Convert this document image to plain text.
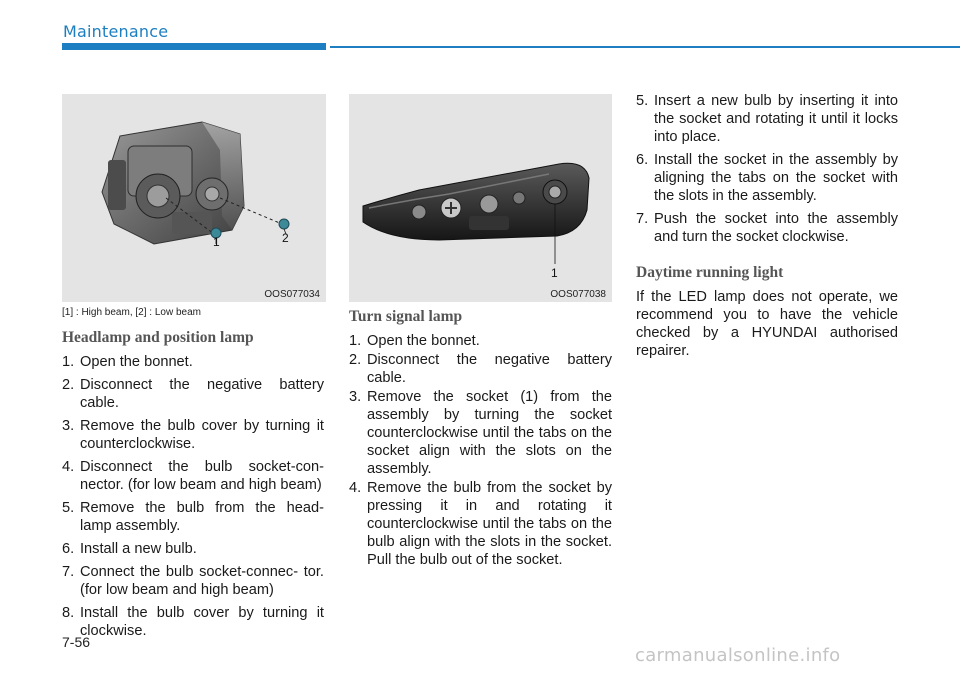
Maintenance
1	2
OOS077034
1
OOS077038
[1] : High beam, [2] : Low beam
Headlamp and position lamp
1. Open the bonnet.
2. Disconnect the negative battery cable.
3. Remove the bulb cover by turning it counterclockwise.
4. Disconnect the bulb socket-con- nector. (for low beam and high beam)
5. Remove the bulb from the head- lamp assembly.
6. Install a new bulb.
7. Connect the bulb socket-connec- tor. (for low beam and high beam)
8. Install the bulb cover by turning it clockwise.
Turn signal lamp
1. Open the bonnet.
2. Disconnect the negative battery cable.
3. Remove the socket (1) from the assembly by turning the socket counterclockwise until the tabs on the socket align with the slots on the assembly.
4. Remove the bulb from the socket by pressing it in and rotating it counterclockwise until the tabs on the bulb align with the slots in the socket. Pull the bulb out of the socket.
5. Insert a new bulb by inserting it into the socket and rotating it until it locks into place.
6. Install the socket in the assembly by aligning the tabs on the socket with the slots in the assembly.
7. Push the socket into the assembly and turn the socket clockwise.
Daytime running light

If the LED lamp does not operate, we recommend you to have the vehicle checked by a HYUNDAI authorised repairer.

7-56
carmanualsonline.info
